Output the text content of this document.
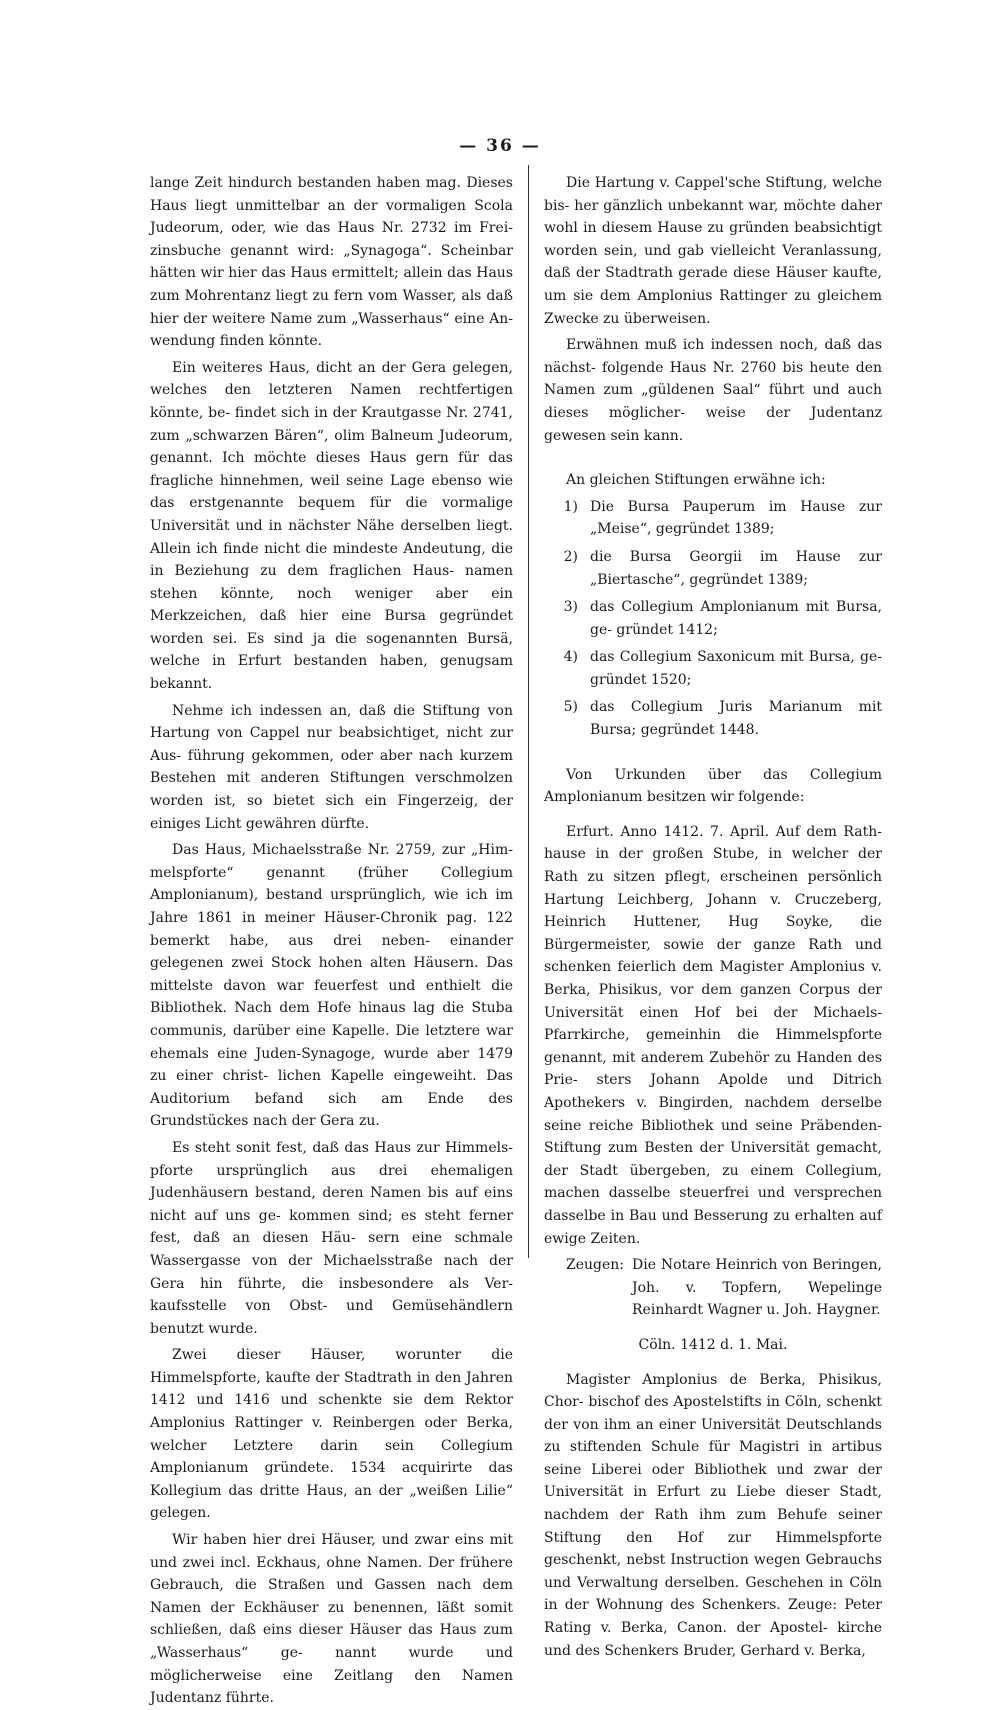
— 36 —

lange Zeit hindurch bestanden haben mag. Dieses Haus liegt unmittelbar an der vormaligen Scola Judeorum, oder, wie das Haus Nr. 2732 im Frei- zinsbuche genannt wird: „Synagoga“. Scheinbar hätten wir hier das Haus ermittelt; allein das Haus zum Mohrentanz liegt zu fern vom Wasser, als daß hier der weitere Name zum „Wasserhaus“ eine An- wendung finden könnte.

Ein weiteres Haus, dicht an der Gera gelegen, welches den letzteren Namen rechtfertigen könnte, be- findet sich in der Krautgasse Nr. 2741, zum „schwarzen Bären“, olim Balneum Judeorum, genannt. Ich möchte dieses Haus gern für das fragliche hinnehmen, weil seine Lage ebenso wie das erstgenannte bequem für die vormalige Universität und in nächster Nähe derselben liegt. Allein ich finde nicht die mindeste Andeutung, die in Beziehung zu dem fraglichen Haus- namen stehen könnte, noch weniger aber ein Merkzeichen, daß hier eine Bursa gegründet worden sei. Es sind ja die sogenannten Bursä, welche in Erfurt bestanden haben, genugsam bekannt.

Nehme ich indessen an, daß die Stiftung von Hartung von Cappel nur beabsichtiget, nicht zur Aus- führung gekommen, oder aber nach kurzem Bestehen mit anderen Stiftungen verschmolzen worden ist, so bietet sich ein Fingerzeig, der einiges Licht gewähren dürfte.

Das Haus, Michaelsstraße Nr. 2759, zur „Him- melspforte“ genannt (früher Collegium Amplonianum), bestand ursprünglich, wie ich im Jahre 1861 in meiner Häuser-Chronik pag. 122 bemerkt habe, aus drei neben- einander gelegenen zwei Stock hohen alten Häusern. Das mittelste davon war feuerfest und enthielt die Bibliothek. Nach dem Hofe hinaus lag die Stuba communis, darüber eine Kapelle. Die letztere war ehemals eine Juden-Synagoge, wurde aber 1479 zu einer christ- lichen Kapelle eingeweiht. Das Auditorium befand sich am Ende des Grundstückes nach der Gera zu.

Es steht sonit fest, daß das Haus zur Himmels- pforte ursprünglich aus drei ehemaligen Judenhäusern bestand, deren Namen bis auf eins nicht auf uns ge- kommen sind; es steht ferner fest, daß an diesen Häu- sern eine schmale Wassergasse von der Michaelsstraße nach der Gera hin führte, die insbesondere als Ver- kaufsstelle von Obst- und Gemüsehändlern benutzt wurde.

Zwei dieser Häuser, worunter die Himmelspforte, kaufte der Stadtrath in den Jahren 1412 und 1416 und schenkte sie dem Rektor Amplonius Rattinger v. Reinbergen oder Berka, welcher Letztere darin sein Collegium Amplonianum gründete. 1534 acquirirte das Kollegium das dritte Haus, an der „weißen Lilie“ gelegen.

Wir haben hier drei Häuser, und zwar eins mit und zwei incl. Eckhaus, ohne Namen. Der frühere Gebrauch, die Straßen und Gassen nach dem Namen der Eckhäuser zu benennen, läßt somit schließen, daß eins dieser Häuser das Haus zum „Wasserhaus“ ge- nannt wurde und möglicherweise eine Zeitlang den Namen Judentanz führte.

Die Hartung v. Cappel'sche Stiftung, welche bis- her gänzlich unbekannt war, möchte daher wohl in diesem Hause zu gründen beabsichtigt worden sein, und gab vielleicht Veranlassung, daß der Stadtrath gerade diese Häuser kaufte, um sie dem Amplonius Rattinger zu gleichem Zwecke zu überweisen.

Erwähnen muß ich indessen noch, daß das nächst- folgende Haus Nr. 2760 bis heute den Namen zum „güldenen Saal“ führt und auch dieses möglicher- weise der Judentanz gewesen sein kann.

An gleichen Stiftungen erwähne ich:

1) Die Bursa Pauperum im Hause zur „Meise“, gegründet 1389;
2) die Bursa Georgii im Hause zur „Biertasche“, gegründet 1389;
3) das Collegium Amplonianum mit Bursa, ge- gründet 1412;
4) das Collegium Saxonicum mit Bursa, ge- gründet 1520;
5) das Collegium Juris Marianum mit Bursa; gegründet 1448.

Von Urkunden über das Collegium Amplonianum besitzen wir folgende:

Erfurt. Anno 1412. 7. April. Auf dem Rath- hause in der großen Stube, in welcher der Rath zu sitzen pflegt, erscheinen persönlich Hartung Leichberg, Johann v. Cruczeberg, Heinrich Huttener, Hug Soyke, die Bürgermeister, sowie der ganze Rath und schenken feierlich dem Magister Amplonius v. Berka, Phisikus, vor dem ganzen Corpus der Universität einen Hof bei der Michaels-Pfarrkirche, gemeinhin die Himmelspforte genannt, mit anderem Zubehör zu Handen des Prie- sters Johann Apolde und Ditrich Apothekers v. Bingirden, nachdem derselbe seine reiche Bibliothek und seine Präbenden-Stiftung zum Besten der Universität gemacht, der Stadt übergeben, zu einem Collegium, machen dasselbe steuerfrei und versprechen dasselbe in Bau und Besserung zu erhalten auf ewige Zeiten.

Zeugen: Die Notare Heinrich von Beringen, Joh. v. Topfern, Wepelinge Reinhardt Wagner u. Joh. Haygner.

Cöln. 1412 d. 1. Mai.

Magister Amplonius de Berka, Phisikus, Chor- bischof des Apostelstifts in Cöln, schenkt der von ihm an einer Universität Deutschlands zu stiftenden Schule für Magistri in artibus seine Liberei oder Bibliothek und zwar der Universität in Erfurt zu Liebe dieser Stadt, nachdem der Rath ihm zum Behufe seiner Stiftung den Hof zur Himmelspforte geschenkt, nebst Instruction wegen Gebrauchs und Verwaltung derselben. Geschehen in Cöln in der Wohnung des Schenkers. Zeuge: Peter Rating v. Berka, Canon. der Apostel- kirche und des Schenkers Bruder, Gerhard v. Berka,
